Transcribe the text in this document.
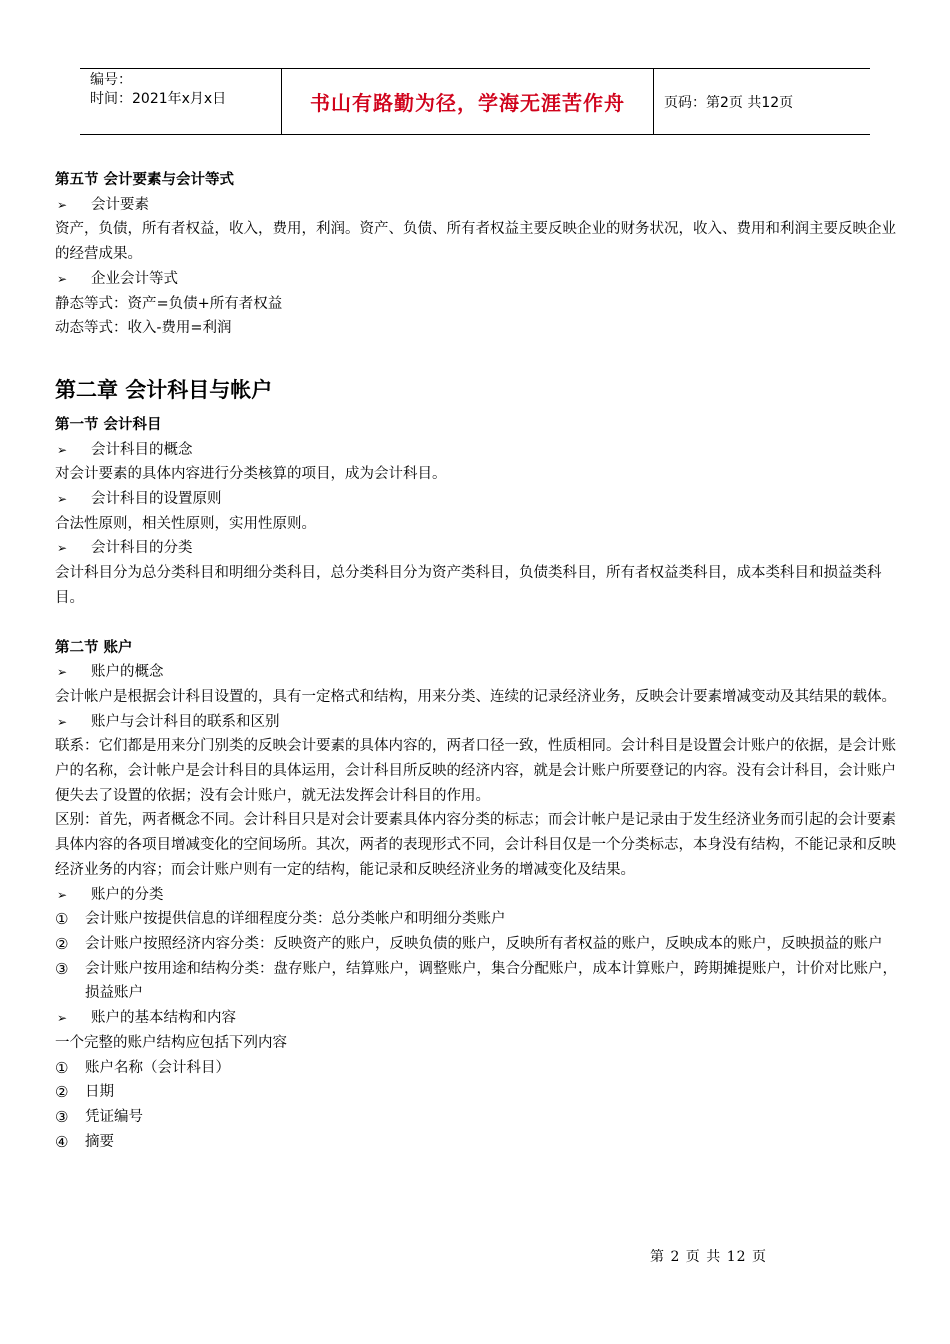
编号：
时间：2021年x月x日	书山有路勤为径，学海无涯苦作舟	页码：第2页 共12页

第五节 会计要素与会计等式

➢	会计要素

资产，负债，所有者权益，收入，费用，利润。资产、负债、所有者权益主要反映企业的财务状况，收入、费用和利润主要反映企业的经营成果。

➢	企业会计等式

静态等式：资产=负债+所有者权益

动态等式：收入-费用=利润

第二章 会计科目与帐户

第一节 会计科目

➢	会计科目的概念

对会计要素的具体内容进行分类核算的项目，成为会计科目。

➢	会计科目的设置原则

合法性原则，相关性原则，实用性原则。

➢	会计科目的分类

会计科目分为总分类科目和明细分类科目，总分类科目分为资产类科目，负债类科目，所有者权益类科目，成本类科目和损益类科目。

第二节 账户

➢	账户的概念

会计帐户是根据会计科目设置的，具有一定格式和结构，用来分类、连续的记录经济业务，反映会计要素增减变动及其结果的载体。

➢	账户与会计科目的联系和区别

联系：它们都是用来分门别类的反映会计要素的具体内容的，两者口径一致，性质相同。会计科目是设置会计账户的依据，是会计账户的名称，会计帐户是会计科目的具体运用，会计科目所反映的经济内容，就是会计账户所要登记的内容。没有会计科目，会计账户便失去了设置的依据；没有会计账户，就无法发挥会计科目的作用。

区别：首先，两者概念不同。会计科目只是对会计要素具体内容分类的标志；而会计帐户是记录由于发生经济业务而引起的会计要素具体内容的各项目增减变化的空间场所。其次，两者的表现形式不同，会计科目仅是一个分类标志，本身没有结构，不能记录和反映经济业务的内容；而会计账户则有一定的结构，能记录和反映经济业务的增减变化及结果。

➢	账户的分类
①	会计账户按提供信息的详细程度分类：总分类帐户和明细分类账户
②	会计账户按照经济内容分类：反映资产的账户，反映负债的账户，反映所有者权益的账户，反映成本的账户，反映损益的账户
③	会计账户按用途和结构分类：盘存账户，结算账户，调整账户，集合分配账户，成本计算账户，跨期摊提账户，计价对比账户，损益账户
➢	账户的基本结构和内容

一个完整的账户结构应包括下列内容

①	账户名称（会计科目）
②	日期
③	凭证编号
④	摘要
第 2 页 共 12 页
